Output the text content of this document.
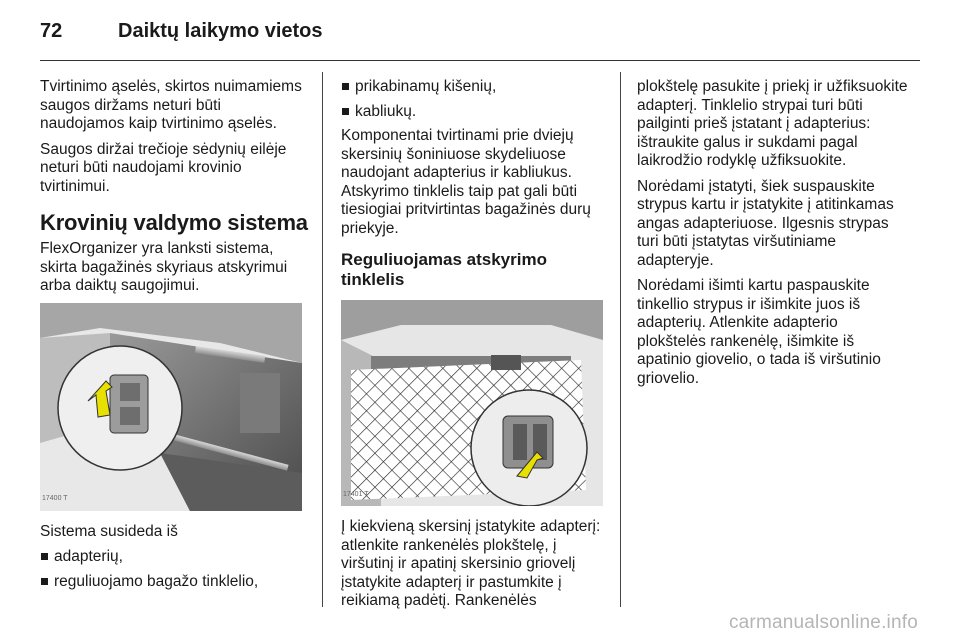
72	Daiktų laikymo vietos

Tvirtinimo ąselės, skirtos nuimamiems saugos diržams neturi būti naudojamos kaip tvirtinimo ąselės.

Saugos diržai trečioje sėdynių eilėje neturi būti naudojami krovinio tvirtinimui.

Krovinių valdymo sistema

FlexOrganizer yra lanksti sistema, skirta bagažinės skyriaus atskyrimui arba daiktų saugojimui.

17400 T

Sistema susideda iš

adapterių,
reguliuojamo bagažo tinklelio,
prikabinamų kišenių,
kabliukų.

Komponentai tvirtinami prie dviejų skersinių šoniniuose skydeliuose naudojant adapterius ir kabliukus. Atskyrimo tinklelis taip pat gali būti tiesiogiai pritvirtintas bagažinės durų priekyje.

Reguliuojamas atskyrimo tinklelis
17401 T

Į kiekvieną skersinį įstatykite adapterį: atlenkite rankenėlės plokštelę, į viršutinį ir apatinį skersinio griovelį įstatykite adapterį ir pastumkite į reikiamą padėtį. Rankenėlės

plokštelę pasukite į priekį ir užfiksuokite adapterį. Tinklelio strypai turi būti pailginti prieš įstatant į adapterius: ištraukite galus ir sukdami pagal laikrodžio rodyklę užfiksuokite.

Norėdami įstatyti, šiek suspauskite strypus kartu ir įstatykite į atitinkamas angas adapteriuose. Ilgesnis strypas turi būti įstatytas viršutiniame adapteryje.

Norėdami išimti kartu paspauskite tinkellio strypus ir išimkite juos iš adapterių. Atlenkite adapterio plokštelės rankenėlę, išimkite iš apatinio giovelio, o tada iš viršutinio griovelio.

carmanualsonline.info
